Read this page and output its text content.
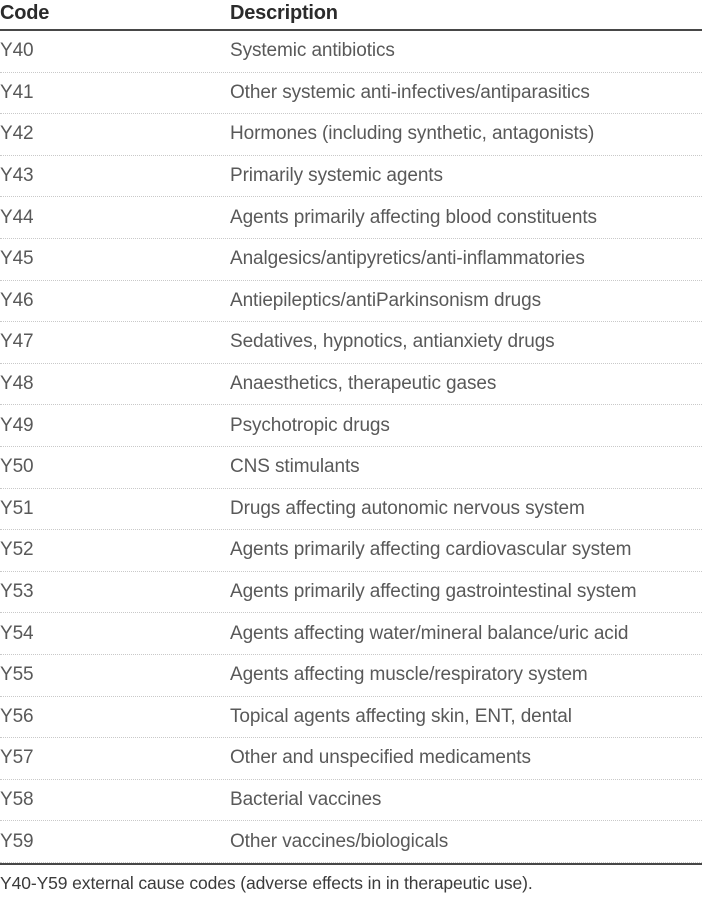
Code	Description
Y40	Systemic antibiotics
Y41	Other systemic anti-infectives/antiparasitics
Y42	Hormones (including synthetic, antagonists)
Y43	Primarily systemic agents
Y44	Agents primarily affecting blood constituents
Y45	Analgesics/antipyretics/anti-inflammatories
Y46	Antiepileptics/antiParkinsonism drugs
Y47	Sedatives, hypnotics, antianxiety drugs
Y48	Anaesthetics, therapeutic gases
Y49	Psychotropic drugs
Y50	CNS stimulants
Y51	Drugs affecting autonomic nervous system
Y52	Agents primarily affecting cardiovascular system
Y53	Agents primarily affecting gastrointestinal system
Y54	Agents affecting water/mineral balance/uric acid
Y55	Agents affecting muscle/respiratory system
Y56	Topical agents affecting skin, ENT, dental
Y57	Other and unspecified medicaments
Y58	Bacterial vaccines
Y59	Other vaccines/biologicals
Y40-Y59 external cause codes (adverse effects in in therapeutic use).
